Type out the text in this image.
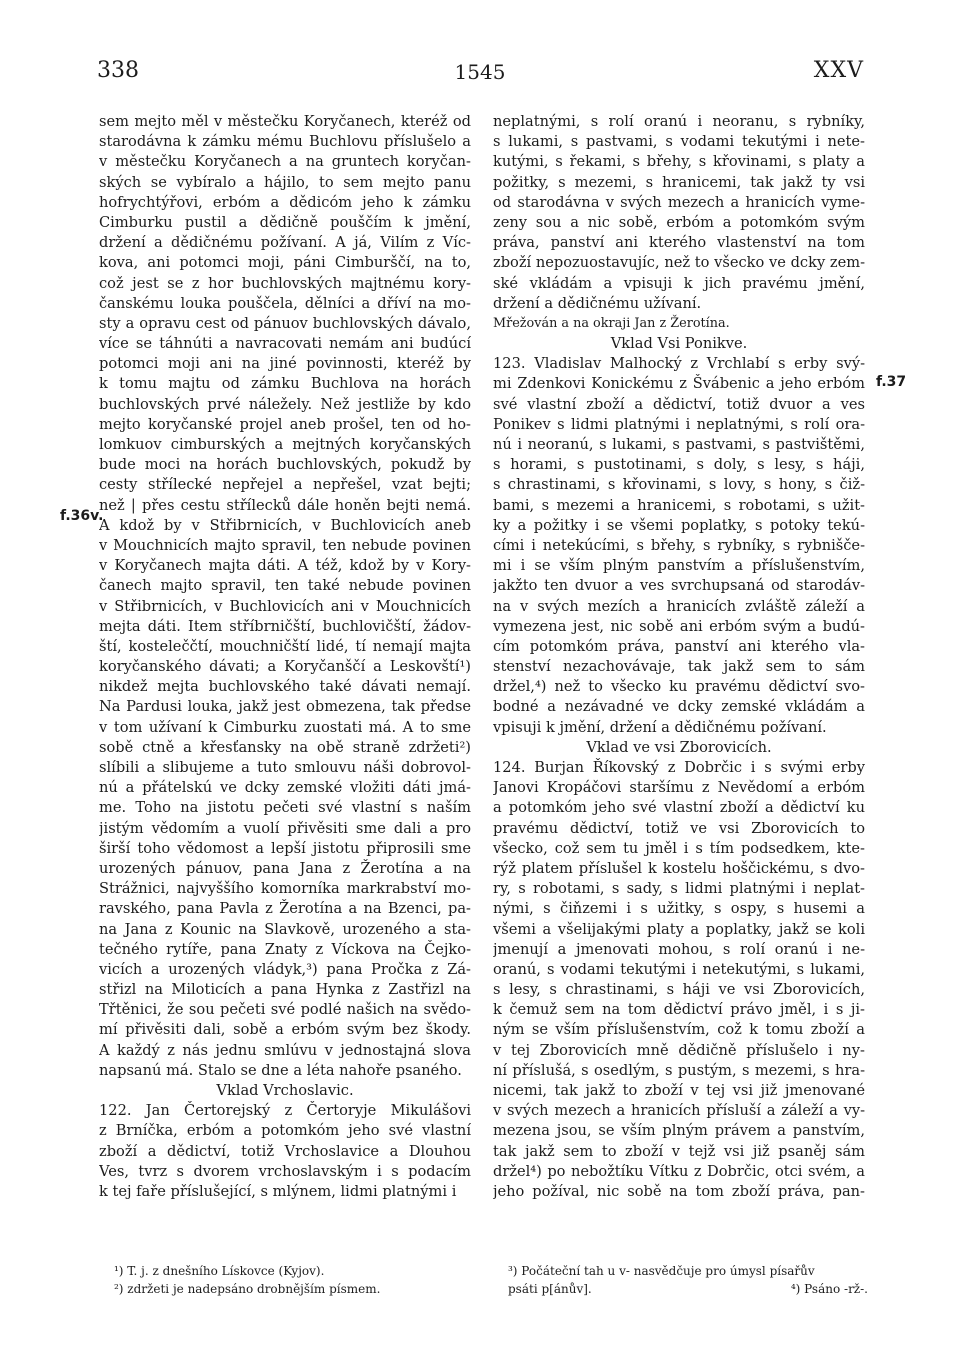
338	1545	XXV
f.36v.
f.37
sem mejto měl v městečku Koryčanech, kteréž od
starodávna k zámku mému Buchlovu příslušelo a
v městečku Koryčanech a na gruntech koryčan-
ských se vybíralo a hájilo, to sem mejto panu
hofrychtýřovi, erbóm a dědicóm jeho k zámku
Cimburku pustil a dědičně pouščím k jmění,
držení a dědičnému požívaní. A já, Vilím z Víc-
kova, ani potomci moji, páni Cimburščí, na to,
což jest se z hor buchlovských majtnému kory-
čanskému louka pouščela, dělníci a dříví na mo-
sty a opravu cest od pánuov buchlovských dávalo,
více se táhnúti a navracovati nemám ani budúcí
potomci moji ani na jiné povinnosti, kteréž by
k tomu majtu od zámku Buchlova na horách
buchlovských prvé náležely. Než jestliže by kdo
mejto koryčanské projel aneb prošel, ten od ho-
lomkuov cimburských a mejtných koryčanských
bude moci na horách buchlovských, pokudž by
cesty střílecké nepřejel a nepřešel, vzat bejti;
než | přes cestu střílecků dále honěn bejti nemá.
A kdož by v Střibrnicích, v Buchlovicích aneb
v Mouchnicích majto spravil, ten nebude povinen
v Koryčanech majta dáti. A též, kdož by v Kory-
čanech majto spravil, ten také nebude povinen
v Střibrnicích, v Buchlovicích ani v Mouchnicích
mejta dáti. Item stříbrničští, buchlovičští, žádov-
ští, kosteleččtí, mouchničští lidé, tí nemají majta
koryčanského dávati; a Koryčanščí a Leskovští¹)
nikdež mejta buchlovského také dávati nemají.
Na Pardusi louka, jakž jest obmezena, tak předse
v tom užívaní k Cimburku zuostati má. A to sme
sobě ctně a křesťansky na obě straně zdržeti²)
slíbili a slibujeme a tuto smlouvu náši dobrovol-
nú a přátelskú ve dcky zemské vložiti dáti jmá-
me. Toho na jistotu pečeti své vlastní s naším
jistým vědomím a vuolí přivěsiti sme dali a pro
širší toho vědomost a lepší jistotu připrosili sme
urozených pánuov, pana Jana z Žerotína a na
Strážnici, najvyššího komorníka markrabství mo-
ravského, pana Pavla z Žerotína a na Bzenci, pa-
na Jana z Kounic na Slavkově, urozeného a sta-
tečného rytíře, pana Znaty z Víckova na Čejko-
vicích a urozených vládyk,³) pana Pročka z Zá-
střizl na Miloticích a pana Hynka z Zastřizl na
Třtěnici, že sou pečeti své podlé našich na svědo-
mí přivěsiti dali, sobě a erbóm svým bez škody.
A každý z nás jednu smlúvu v jednostajná slova
napsanú má. Stalo se dne a léta nahoře psaného.
Vklad Vrchoslavic.
122. Jan Čertorejský z Čertoryje Mikulášovi
z Brníčka, erbóm a potomkóm jeho své vlastní
zboží a dědictví, totiž Vrchoslavice a Dlouhou
Ves, tvrz s dvorem vrchoslavským i s podacím
k tej faře příslušející, s mlýnem, lidmi platnými i
neplatnými, s rolí oranú i neoranu, s rybníky,
s lukami, s pastvami, s vodami tekutými i nete-
kutými, s řekami, s břehy, s křovinami, s platy a
požitky, s mezemi, s hranicemi, tak jakž ty vsi
od starodávna v svých mezech a hranicích vyme-
zeny sou a nic sobě, erbóm a potomkóm svým
práva, panství ani kterého vlastenství na tom
zboží nepozuostavujíc, než to všecko ve dcky zem-
ské vkládám a vpisuji k jich pravému jmění,
držení a dědičnému užívaní.
Mřežován a na okraji Jan z Žerotína.
Vklad Vsi Ponikve.
123. Vladislav Malhocký z Vrchlabí s erby svý-
mi Zdenkovi Konickému z Švábenic a jeho erbóm
své vlastní zboží a dědictví, totiž dvuor a ves
Ponikev s lidmi platnými i neplatnými, s rolí ora-
nú i neoranú, s lukami, s pastvami, s pastvištěmi,
s horami, s pustotinami, s doly, s lesy, s háji,
s chrastinami, s křovinami, s lovy, s hony, s čiž-
bami, s mezemi a hranicemi, s robotami, s užit-
ky a požitky i se všemi poplatky, s potoky tekú-
cími i netekúcími, s břehy, s rybníky, s rybnišče-
mi i se vším plným panstvím a příslušenstvím,
jakžto ten dvuor a ves svrchupsaná od starodáv-
na v svých mezích a hranicích zvláště záleží a
vymezena jest, nic sobě ani erbóm svým a budú-
cím potomkóm práva, panství ani kterého vla-
stenství nezachovávaje, tak jakž sem to sám
držel,⁴) než to všecko ku pravému dědictví svo-
bodné a nezávadné ve dcky zemské vkládám a
vpisuji k jmění, držení a dědičnému požívaní.
Vklad ve vsi Zborovicích.
124. Burjan Říkovský z Dobrčic i s svými erby
Janovi Kropáčovi staršímu z Nevědomí a erbóm
a potomkóm jeho své vlastní zboží a dědictví ku
pravému dědictví, totiž ve vsi Zborovicích to
všecko, což sem tu jměl i s tím podsedkem, kte-
rýž platem příslušel k kostelu hoščickému, s dvo-
ry, s robotami, s sady, s lidmi platnými i neplat-
nými, s čiňzemi i s užitky, s ospy, s husemi a
všemi a všelijakými platy a poplatky, jakž se koli
jmenují a jmenovati mohou, s rolí oranú i ne-
oranú, s vodami tekutými i netekutými, s lukami,
s lesy, s chrastinami, s háji ve vsi Zborovicích,
k čemuž sem na tom dědictví právo jměl, i s ji-
ným se vším příslušenstvím, což k tomu zboží a
v tej Zborovicích mně dědičně příslušelo i ny-
ní příslušá, s osedlým, s pustým, s mezemi, s hra-
nicemi, tak jakž to zboží v tej vsi již jmenované
v svých mezech a hranicích přísluší a záleží a vy-
mezena jsou, se vším plným právem a panstvím,
tak jakž sem to zboží v tejž vsi již psaněj sám
držel⁴) po nebožtíku Vítku z Dobrčic, otci svém, a
jeho požíval, nic sobě na tom zboží práva, pan-
¹) T. j. z dnešního Lískovce (Kyjov).
²) zdržeti je nadepsáno drobnějším písmem.
³) Počáteční tah u v- nasvědčuje pro úmysl písařův
psáti p[ánův].	⁴) Psáno -rž-.
